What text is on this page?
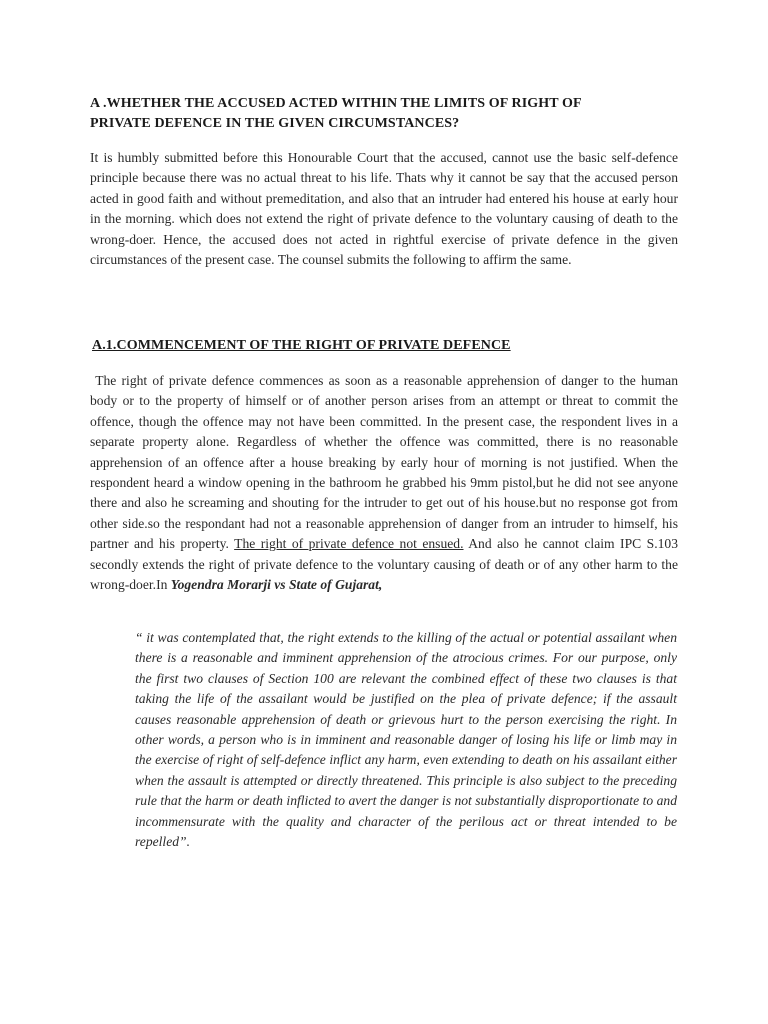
A .WHETHER THE ACCUSED ACTED WITHIN THE LIMITS OF RIGHT OF
PRIVATE DEFENCE IN THE GIVEN CIRCUMSTANCES?

It is humbly submitted before this Honourable Court that the accused, cannot use the basic self-defence principle because there was no actual threat to his life. Thats why it cannot be say that the accused person acted in good faith and without premeditation, and also that an intruder had entered his house at early hour in the morning. which does not extend the right of private defence to the voluntary causing of death to the wrong-doer. Hence, the accused does not acted in rightful exercise of private defence in the given circumstances of the present case. The counsel submits the following to affirm the same.

A.1.COMMENCEMENT OF THE RIGHT OF PRIVATE DEFENCE

The right of private defence commences as soon as a reasonable apprehension of danger to the human body or to the property of himself or of another person arises from an attempt or threat to commit the offence, though the offence may not have been committed. In the present case, the respondent lives in a separate property alone. Regardless of whether the offence was committed, there is no reasonable apprehension of an offence after a house breaking by early hour of morning is not justified. When the respondent heard a window opening in the bathroom he grabbed his 9mm pistol,but he did not see anyone there and also he screaming and shouting for the intruder to get out of his house.but no response got from other side.so the respondant had not a reasonable apprehension of danger from an intruder to himself, his partner and his property. The right of private defence not ensued. And also he cannot claim IPC S.103 secondly extends the right of private defence to the voluntary causing of death or of any other harm to the wrong-doer.In Yogendra Morarji vs State of Gujarat,

“ it was contemplated that, the right extends to the killing of the actual or potential assailant when there is a reasonable and imminent apprehension of the atrocious crimes. For our purpose, only the first two clauses of Section 100 are relevant the combined effect of these two clauses is that taking the life of the assailant would be justified on the plea of private defence; if the assault causes reasonable apprehension of death or grievous hurt to the person exercising the right. In other words, a person who is in imminent and reasonable danger of losing his life or limb may in the exercise of right of self-defence inflict any harm, even extending to death on his assailant either when the assault is attempted or directly threatened. This principle is also subject to the preceding rule that the harm or death inflicted to avert the danger is not substantially disproportionate to and incommensurate with the quality and character of the perilous act or threat intended to be repelled”.
